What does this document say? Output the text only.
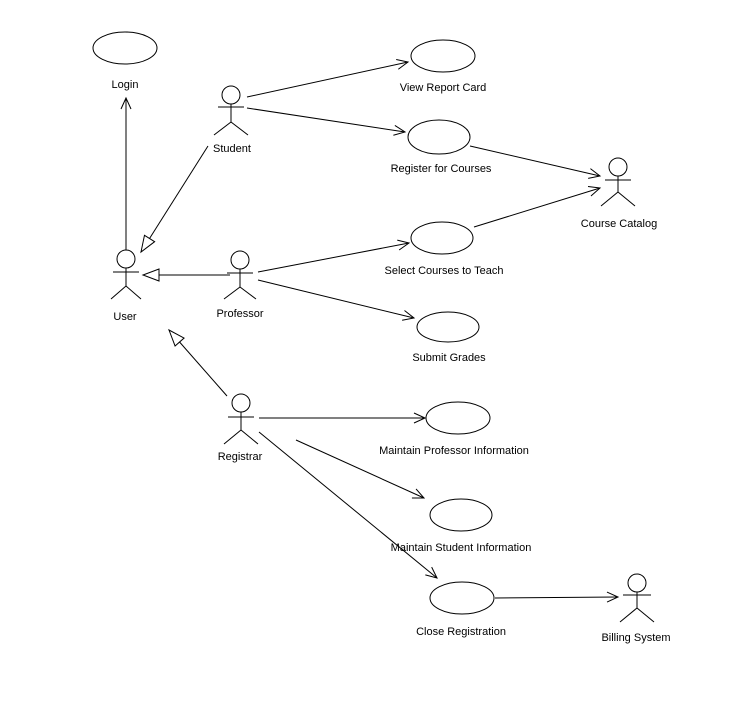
Login	View Report Card
Register for Courses
Select Courses to Teach
Submit Grades
Maintain Professor Information
Maintain Student Information
Close Registration
Student
User	Professor
Registrar
Course Catalog
Billing System
